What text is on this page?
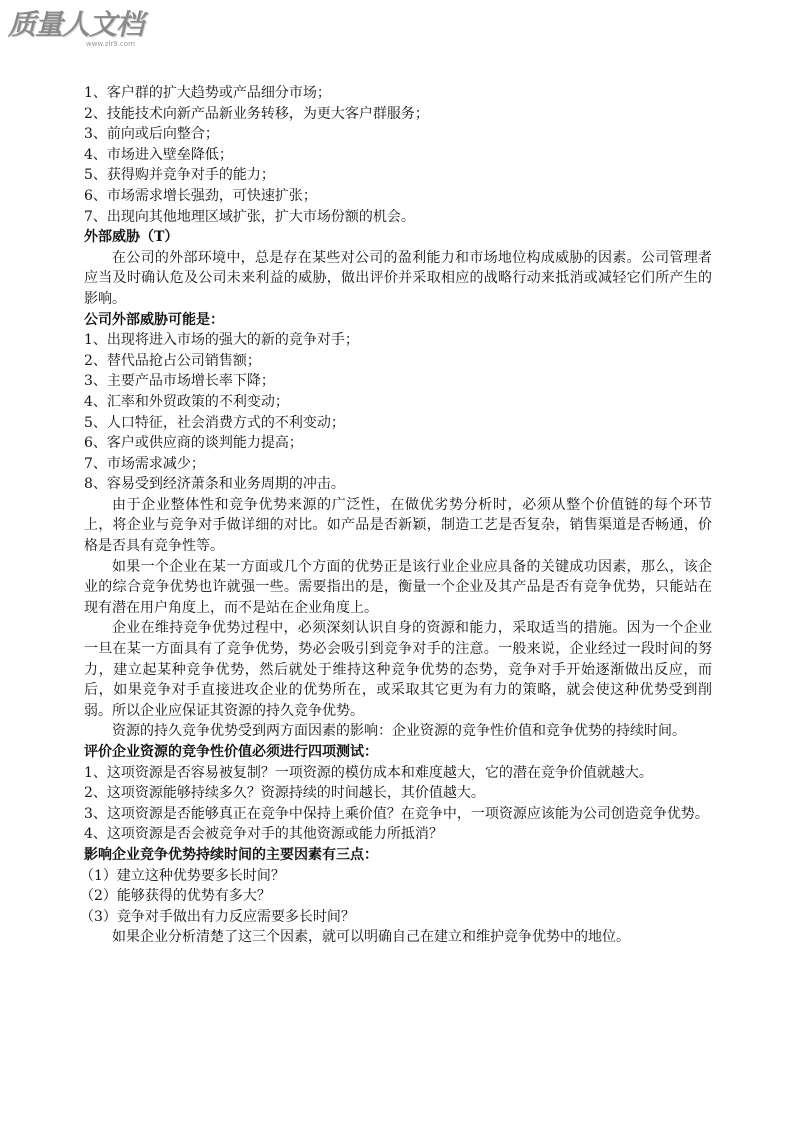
质量人文档
www.zlr9.com

1、客户群的扩大趋势或产品细分市场；

2、技能技术向新产品新业务转移，为更大客户群服务；

3、前向或后向整合；

4、市场进入壁垒降低；

5、获得购并竞争对手的能力；

6、市场需求增长强劲，可快速扩张；

7、出现向其他地理区域扩张，扩大市场份额的机会。

外部威胁（T）

在公司的外部环境中，总是存在某些对公司的盈利能力和市场地位构成威胁的因素。公司管理者应当及时确认危及公司未来利益的威胁，做出评价并采取相应的战略行动来抵消或减轻它们所产生的影响。

公司外部威胁可能是：

1、出现将进入市场的强大的新的竞争对手；

2、替代品抢占公司销售额；

3、主要产品市场增长率下降；

4、汇率和外贸政策的不利变动；

5、人口特征，社会消费方式的不利变动；

6、客户或供应商的谈判能力提高；

7、市场需求减少；

8、容易受到经济萧条和业务周期的冲击。

由于企业整体性和竞争优势来源的广泛性，在做优劣势分析时，必须从整个价值链的每个环节上，将企业与竞争对手做详细的对比。如产品是否新颖，制造工艺是否复杂，销售渠道是否畅通，价格是否具有竞争性等。

如果一个企业在某一方面或几个方面的优势正是该行业企业应具备的关键成功因素，那么，该企业的综合竞争优势也许就强一些。需要指出的是，衡量一个企业及其产品是否有竞争优势，只能站在现有潜在用户角度上，而不是站在企业角度上。

企业在维持竞争优势过程中，必须深刻认识自身的资源和能力，采取适当的措施。因为一个企业一旦在某一方面具有了竞争优势，势必会吸引到竞争对手的注意。一般来说，企业经过一段时间的努力，建立起某种竞争优势，然后就处于维持这种竞争优势的态势，竞争对手开始逐渐做出反应，而后，如果竞争对手直接进攻企业的优势所在，或采取其它更为有力的策略，就会使这种优势受到削弱。所以企业应保证其资源的持久竞争优势。

资源的持久竞争优势受到两方面因素的影响：企业资源的竞争性价值和竞争优势的持续时间。

评价企业资源的竞争性价值必须进行四项测试：

1、这项资源是否容易被复制？一项资源的模仿成本和难度越大，它的潜在竞争价值就越大。

2、这项资源能够持续多久？资源持续的时间越长，其价值越大。

3、这项资源是否能够真正在竞争中保持上乘价值？在竞争中，一项资源应该能为公司创造竞争优势。

4、这项资源是否会被竞争对手的其他资源或能力所抵消？

影响企业竞争优势持续时间的主要因素有三点：

（1）建立这种优势要多长时间？

（2）能够获得的优势有多大？

（3）竞争对手做出有力反应需要多长时间？

如果企业分析清楚了这三个因素，就可以明确自己在建立和维护竞争优势中的地位。
